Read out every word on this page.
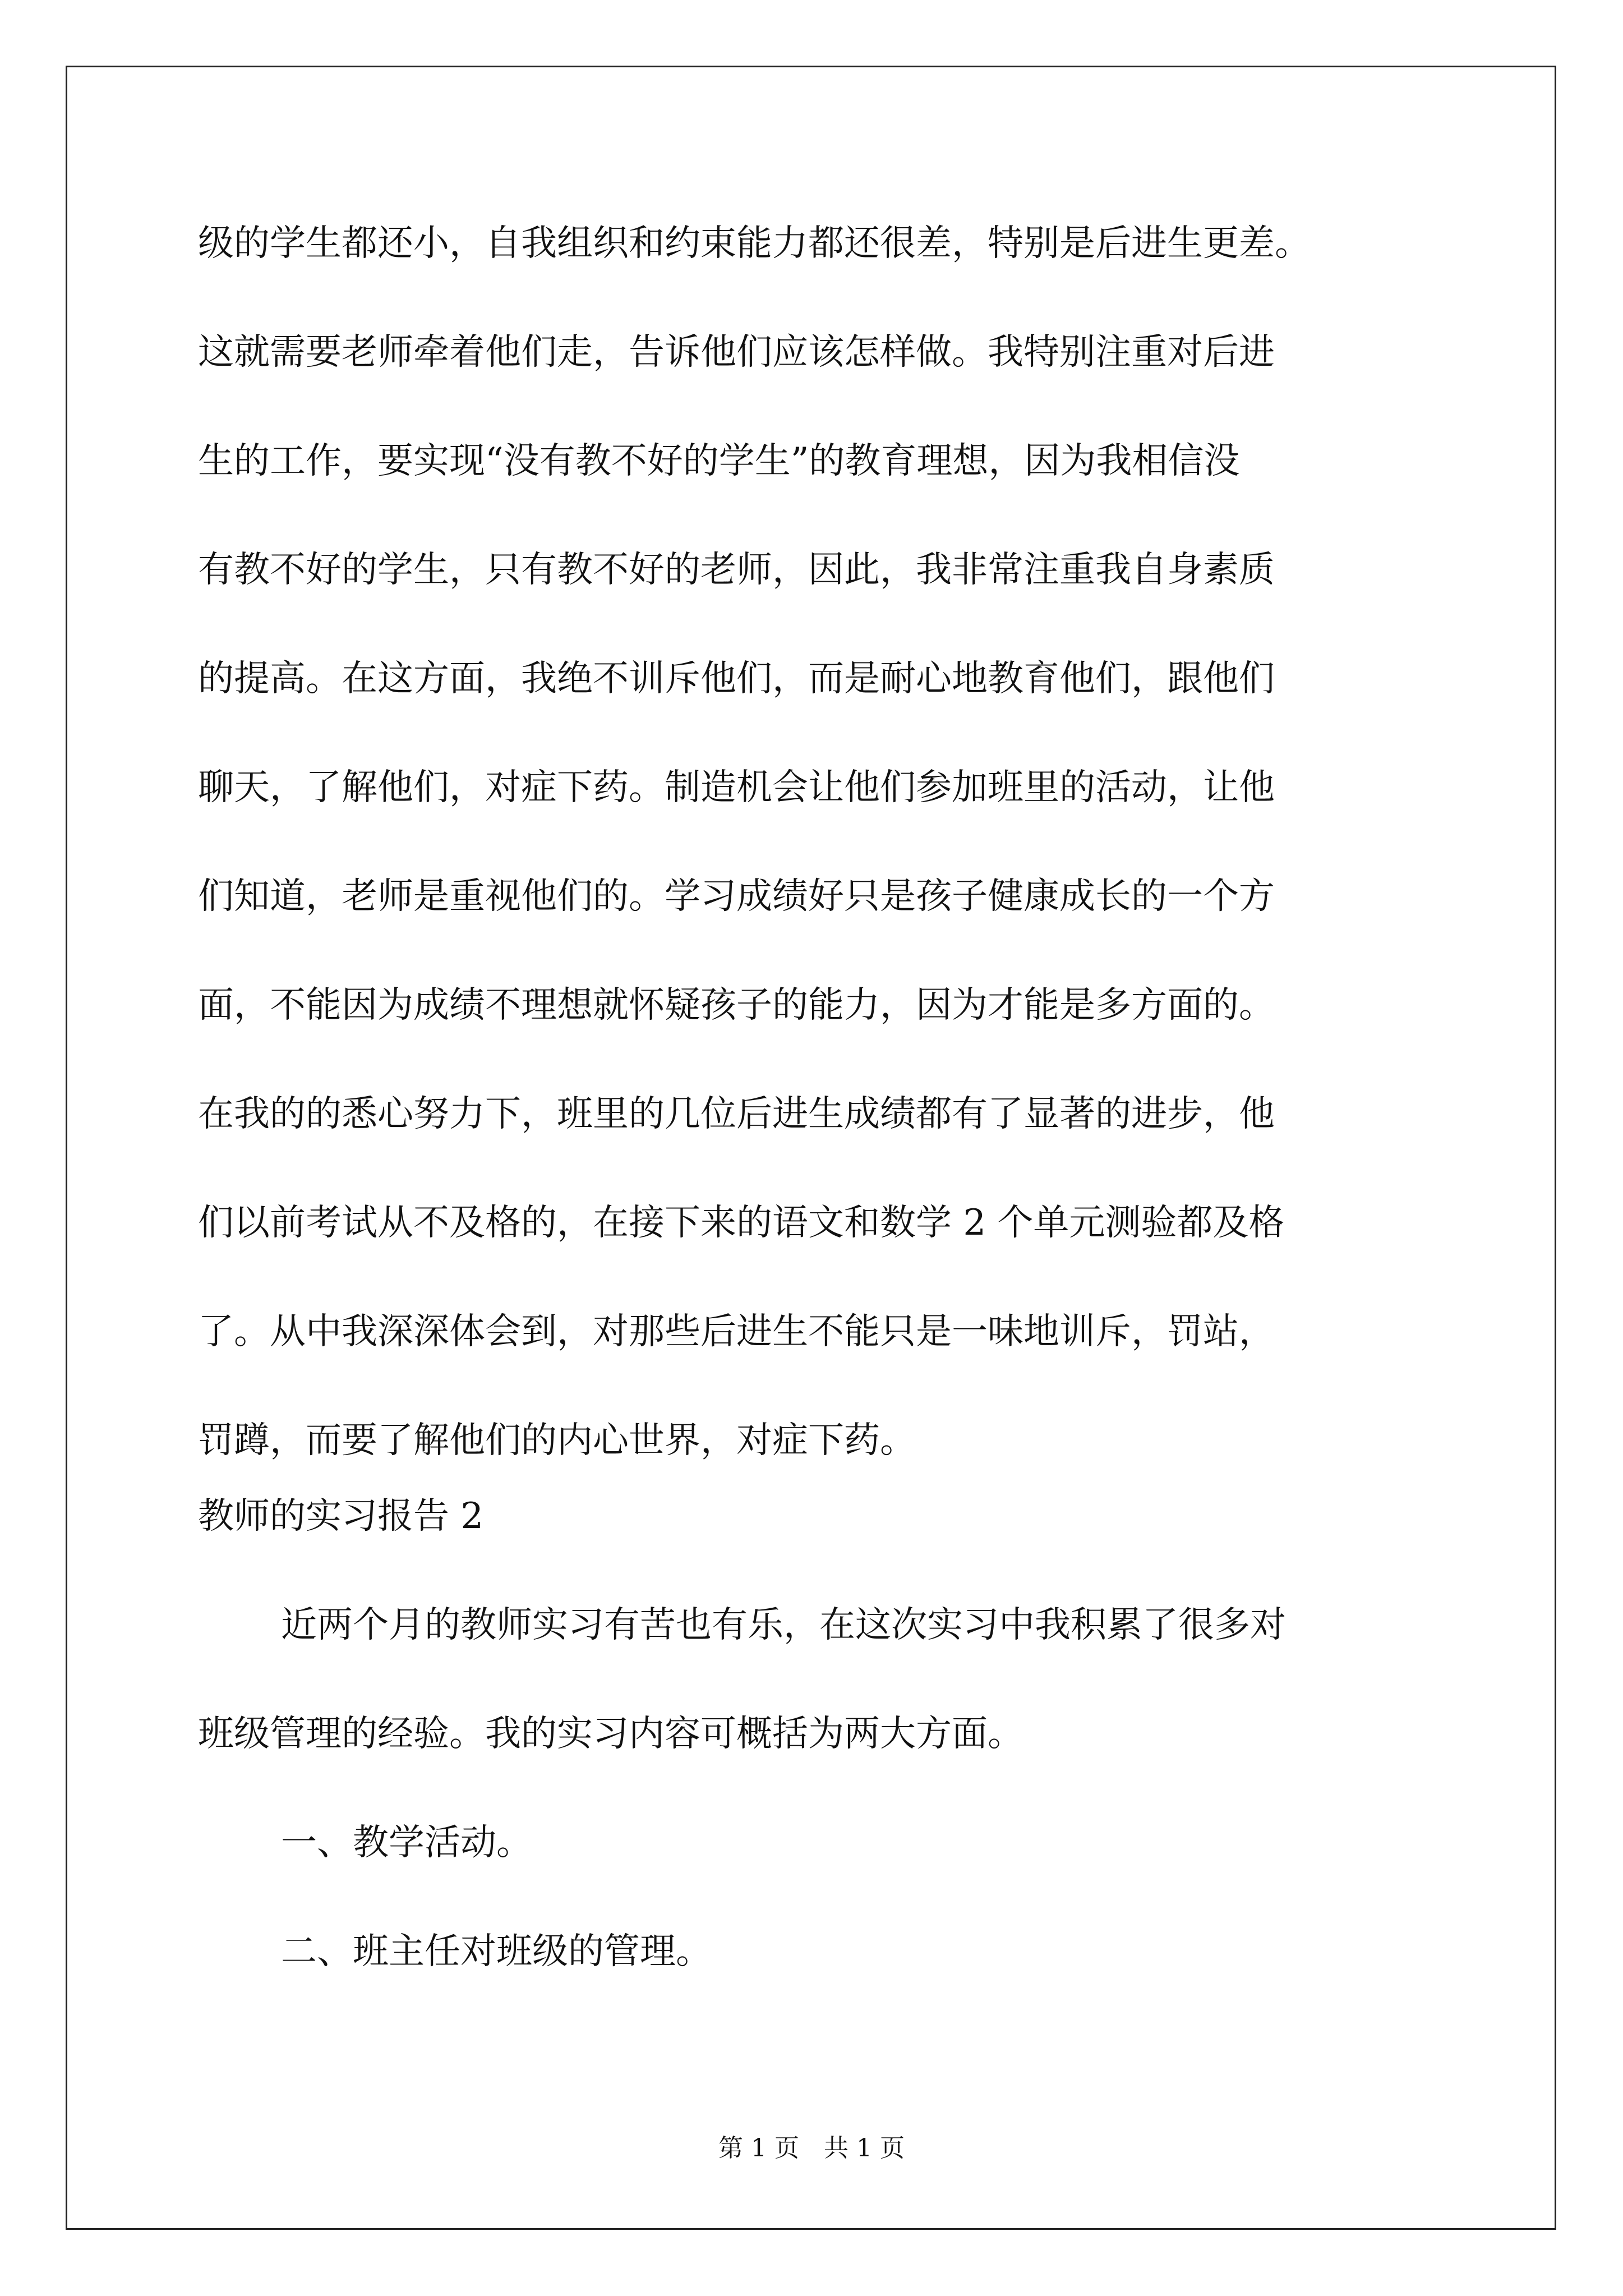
级的学生都还小，自我组织和约束能力都还很差，特别是后进生更差。
这就需要老师牵着他们走，告诉他们应该怎样做。我特别注重对后进
生的工作，要实现“没有教不好的学生”的教育理想，因为我相信没
有教不好的学生，只有教不好的老师，因此，我非常注重我自身素质
的提高。在这方面，我绝不训斥他们，而是耐心地教育他们，跟他们
聊天，了解他们，对症下药。制造机会让他们参加班里的活动，让他
们知道，老师是重视他们的。学习成绩好只是孩子健康成长的一个方
面，不能因为成绩不理想就怀疑孩子的能力，因为才能是多方面的。
在我的的悉心努力下，班里的几位后进生成绩都有了显著的进步，他
们以前考试从不及格的，在接下来的语文和数学 2 个单元测验都及格
了。从中我深深体会到，对那些后进生不能只是一味地训斥，罚站，
罚蹲，而要了解他们的内心世界，对症下药。
教师的实习报告 2
近两个月的教师实习有苦也有乐，在这次实习中我积累了很多对
班级管理的经验。我的实习内容可概括为两大方面。
一、教学活动。
二、班主任对班级的管理。
第 1 页　共 1 页
